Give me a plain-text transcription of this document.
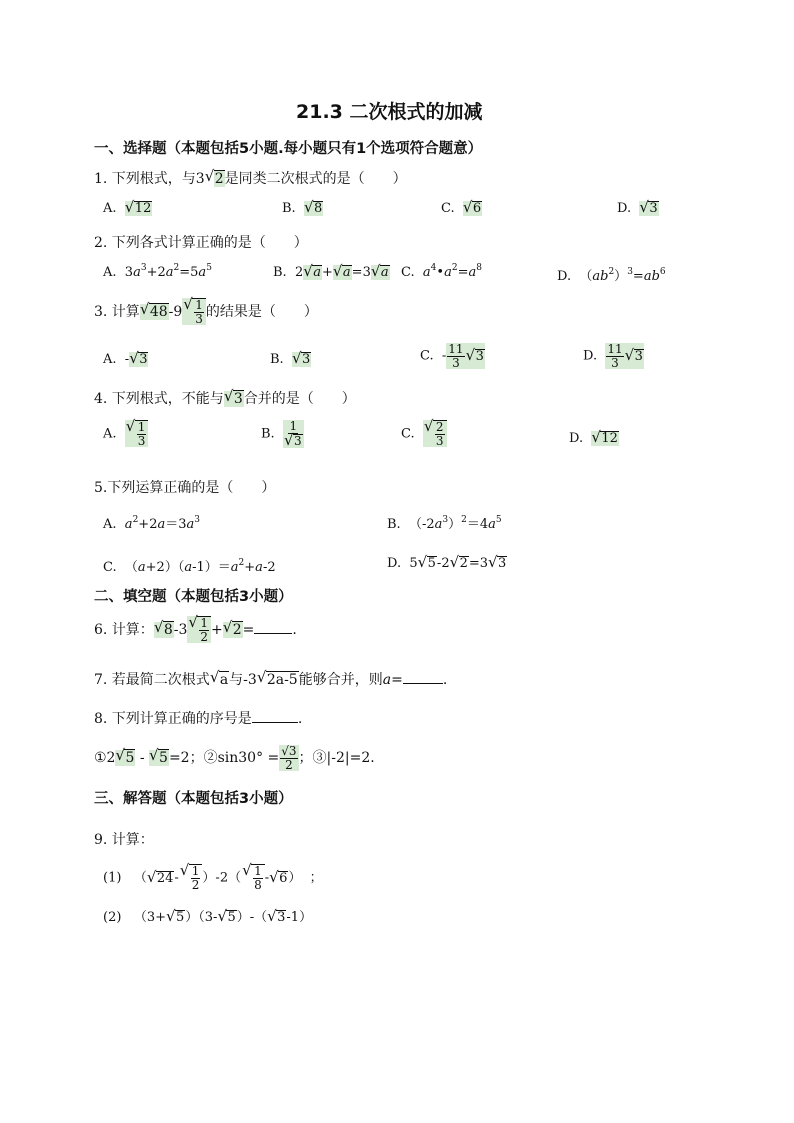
21.3 二次根式的加减
一、选择题（本题包括5小题.每小题只有1个选项符合题意）
1. 下列根式，与3 √ 2是同类二次根式的是（　　）
A. √ 12	B. √ 8	C. √ 6	D. √ 3
2. 下列各式计算正确的是（　　）
A.  $3a^3+2a^2=5a^5$	B.  2 √ a+ √ a=3 √ a C. $a^4•a^2=a^8$
D.  $(ab^2)^3=ab^6$
3. 计算 √ 48-9 √ $\frac{1}{3}$ 的结果是（　　）
A.  - √ 3	B. √ 3	C.  - $\frac{11}{3}$ √ 3	D. $\frac{11}{3}$ √ 3
4. 下列根式，不能与 √ 3合并的是（　　）
A. √ $\frac{1}{3}$	B. 1
√ 3	C. √ $\frac{2}{3}$	D. √ 12
5.下列运算正确的是（　　）
A. $a^2+2a=3a^3$	B.  $(-2a^3)^2=4a^5$
C.  $(a+2)(a-1)=a^2+a-2$	D.  5 √ 5-2 √ 2=3 √ 3
二、填空题（本题包括3小题）
6. 计算： √ 8-3 √ $\frac{1}{2}$ + √ 2=	.
7. 若最简二次根式 √ a与-3 √ 2a-5能够合并，则a=	.
8. 下列计算正确的序号是	.
①2 √ 5 - √ 5=2；②sin30° = $\frac{√3}{2}$ ；③|-2|=2.
三、解答题（本题包括3小题）
9. 计算：
(1)   （ √ 24- √ $\frac{1}{2} )-2$（ √ $\frac{1}{8}$ - √ 6）  ；
(2)   （3+ √ 5）（3- √ 5）-（ √ 3-1）
